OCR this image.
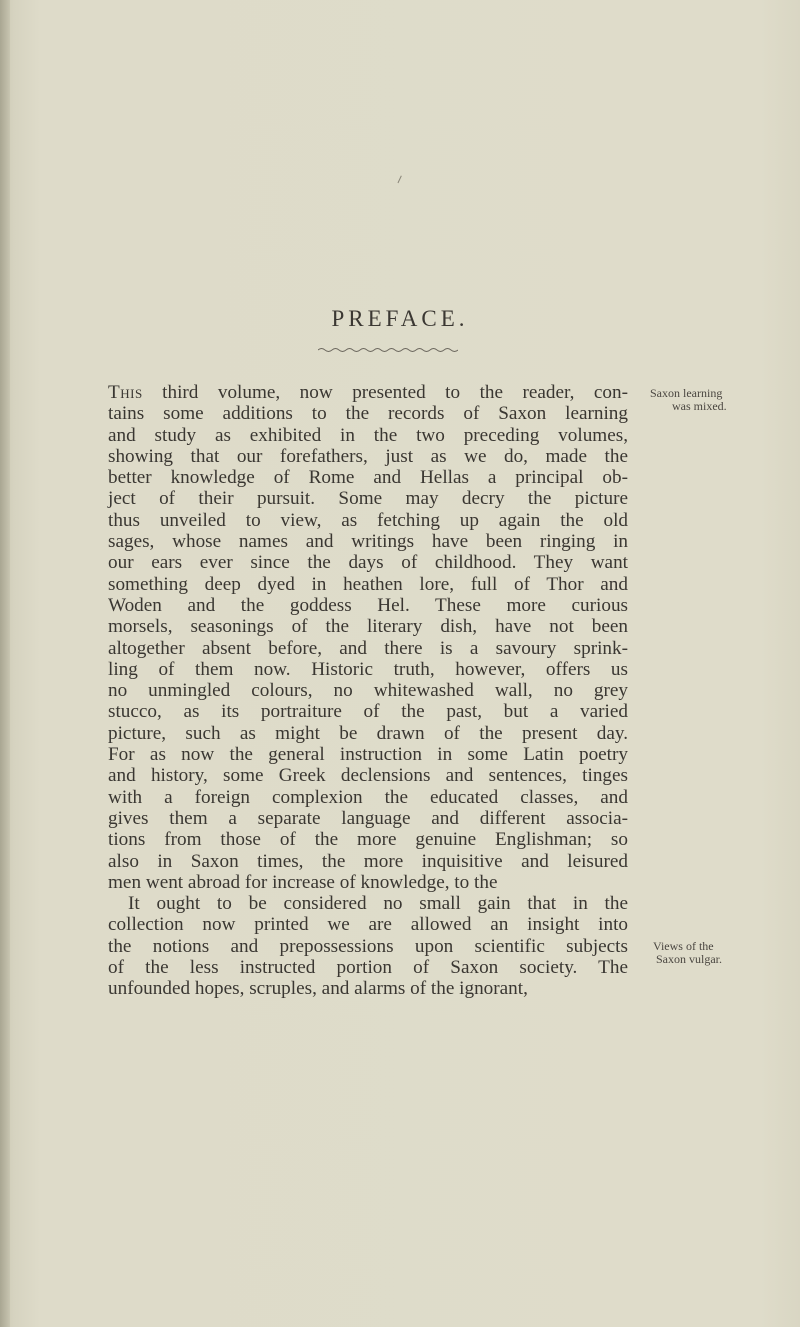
PREFACE.
This third volume, now presented to the reader, con-
tains some additions to the records of Saxon learning
and study as exhibited in the two preceding volumes,
showing that our forefathers, just as we do, made the
better knowledge of Rome and Hellas a principal ob-
ject of their pursuit. Some may decry the picture
thus unveiled to view, as fetching up again the old
sages, whose names and writings have been ringing in
our ears ever since the days of childhood. They want
something deep dyed in heathen lore, full of Thor and
Woden and the goddess Hel. These more curious
morsels, seasonings of the literary dish, have not been
altogether absent before, and there is a savoury sprink-
ling of them now. Historic truth, however, offers us
no unmingled colours, no whitewashed wall, no grey
stucco, as its portraiture of the past, but a varied
picture, such as might be drawn of the present day.
For as now the general instruction in some Latin poetry
and history, some Greek declensions and sentences, tinges
with a foreign complexion the educated classes, and
gives them a separate language and different associa-
tions from those of the more genuine Englishman; so
also in Saxon times, the more inquisitive and leisured
men went abroad for increase of knowledge, to the
It ought to be considered no small gain that in the
collection now printed we are allowed an insight into
the notions and prepossessions upon scientific subjects
of the less instructed portion of Saxon society. The
unfounded hopes, scruples, and alarms of the ignorant,
Saxon learning
was mixed.
Views of the
Saxon vulgar.
